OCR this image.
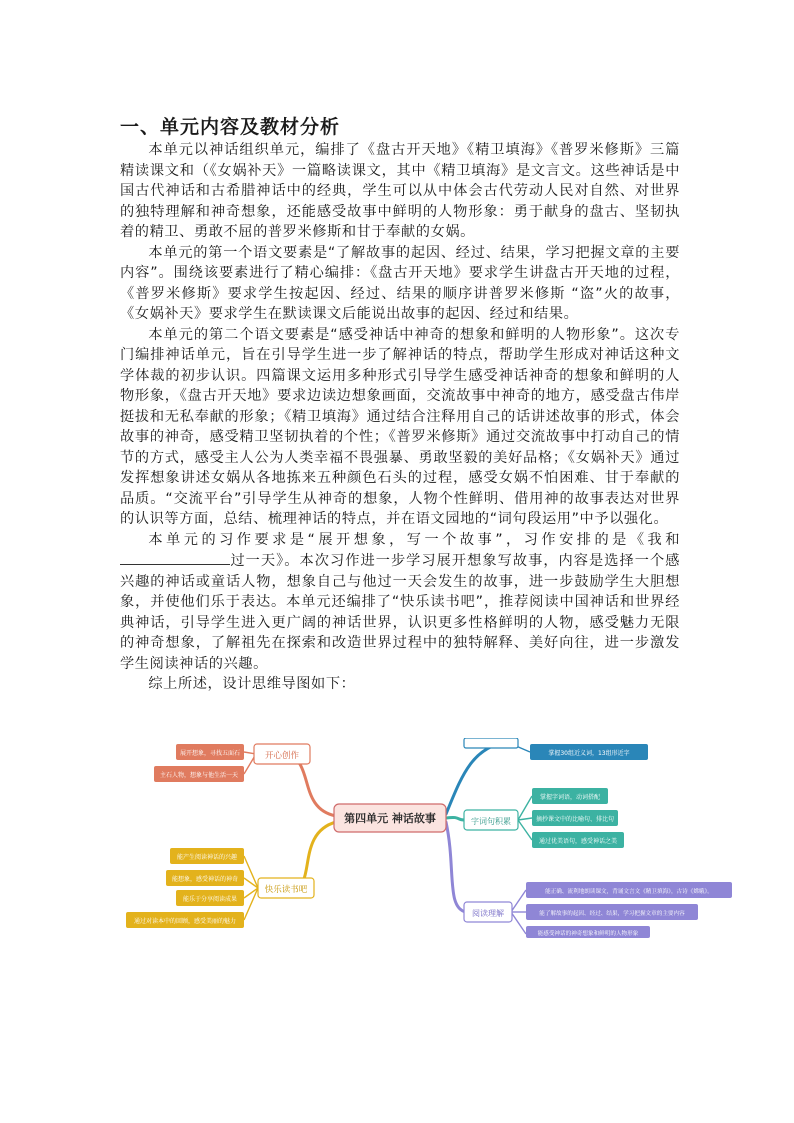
一、单元内容及教材分析

本单元以神话组织单元，编排了《盘古开天地》《精卫填海》《普罗米修斯》三篇精读课文和（《女娲补天》一篇略读课文，其中《精卫填海》是文言文。这些神话是中国古代神话和古希腊神话中的经典，学生可以从中体会古代劳动人民对自然、对世界的独特理解和神奇想象，还能感受故事中鲜明的人物形象：勇于献身的盘古、坚韧执着的精卫、勇敢不屈的普罗米修斯和甘于奉献的女娲。

本单元的第一个语文要素是“了解故事的起因、经过、结果，学习把握文章的主要内容”。围绕该要素进行了精心编排：《盘古开天地》要求学生讲盘古开天地的过程，《普罗米修斯》要求学生按起因、经过、结果的顺序讲普罗米修斯 “盗”火的故事，《女娲补天》要求学生在默读课文后能说出故事的起因、经过和结果。

本单元的第二个语文要素是“感受神话中神奇的想象和鲜明的人物形象”。这次专门编排神话单元，旨在引导学生进一步了解神话的特点，帮助学生形成对神话这种文学体裁的初步认识。四篇课文运用多种形式引导学生感受神话神奇的想象和鲜明的人物形象，《盘古开天地》要求边读边想象画面，交流故事中神奇的地方，感受盘古伟岸挺拔和无私奉献的形象；《精卫填海》通过结合注释用自己的话讲述故事的形式，体会故事的神奇，感受精卫坚韧执着的个性；《普罗米修斯》通过交流故事中打动自己的情节的方式，感受主人公为人类幸福不畏强暴、勇敢坚毅的美好品格；《女娲补天》通过发挥想象讲述女娲从各地拣来五种颜色石头的过程，感受女娲不怕困难、甘于奉献的品质。“交流平台”引导学生从神奇的想象，人物个性鲜明、借用神的故事表达对世界的认识等方面，总结、梳理神话的特点，并在语文园地的“词句段运用”中予以强化。

本单元的习作要求是“展开想象，写一个故事”，习作安排的是《我和过一天》。本次习作进一步学习展开想象写故事，内容是选择一个感兴趣的神话或童话人物，想象自己与他过一天会发生的故事，进一步鼓励学生大胆想象，并使他们乐于表达。本单元还编排了“快乐读书吧”，推荐阅读中国神话和世界经典神话，引导学生进入更广阔的神话世界，认识更多性格鲜明的人物，感受魅力无限的神奇想象，了解祖先在探索和改造世界过程中的独特解释、美好向往，进一步激发学生阅读神话的兴趣。

综上所述，设计思维导图如下：

第四单元 神话故事
开心创作
展开想象，寻找五面石
主石人物，想象与他生活一天
快乐读书吧
能产生阅读神话的兴趣
能想象，感受神话的神奇
能乐于分享阅读成果
通过对读本中的回顾，感受美丽的魅力
掌握30组近义词，13组形近字
字词句积累
掌握字词语，动词搭配
摘抄课文中的比喻句、排比句
通过优美语句，感受神话之美
阅读理解
能正确、流利地朗读课文，背诵文言文《精卫填海》，古诗《嫦娥》。
能了解故事的起因、经过、结果，学习把握文章的主要内容
能感受神话的神奇想象和鲜明的人物形象
